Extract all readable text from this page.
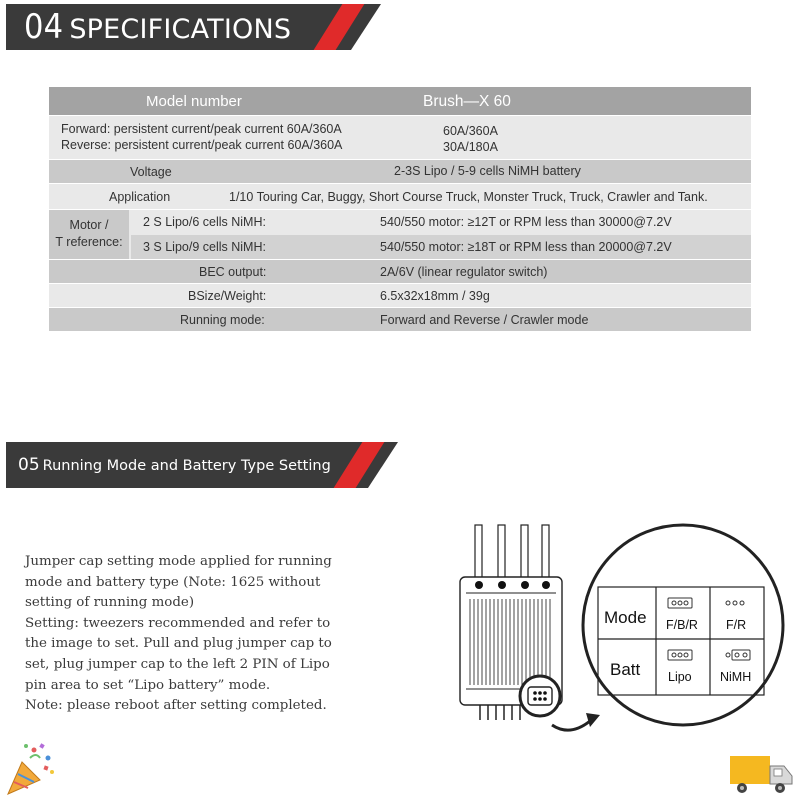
04 SPECIFICATIONS
Model number	Brush—X 60
Forward: persistent current/peak current 60A/360A	60A/360A
Reverse: persistent current/peak current 60A/360A	30A/180A
Voltage	2-3S Lipo / 5-9 cells NiMH battery
Application	1/10 Touring Car, Buggy, Short Course Truck, Monster Truck, Truck, Crawler and Tank.
Motor /
T reference:
2 S Lipo/6 cells NiMH:	540/550 motor: ≥12T or RPM less than 30000@7.2V
3 S Lipo/9 cells NiMH:	540/550 motor: ≥18T or RPM less than 20000@7.2V
BEC output:	2A/6V (linear regulator switch)
BSize/Weight:	6.5x32x18mm / 39g
Running mode:	Forward and Reverse / Crawler mode
05 Running Mode and Battery Type Setting
Jumper cap setting mode applied for running
mode and battery type (Note: 1625 without
setting of running mode)
Setting: tweezers recommended and refer to
the image to set. Pull and plug jumper cap to
set, plug jumper cap to the left 2 PIN of Lipo
pin area to set “Lipo battery” mode.
Note: please reboot after setting completed.
Mode F/B/R F/R
Batt Lipo NiMH
